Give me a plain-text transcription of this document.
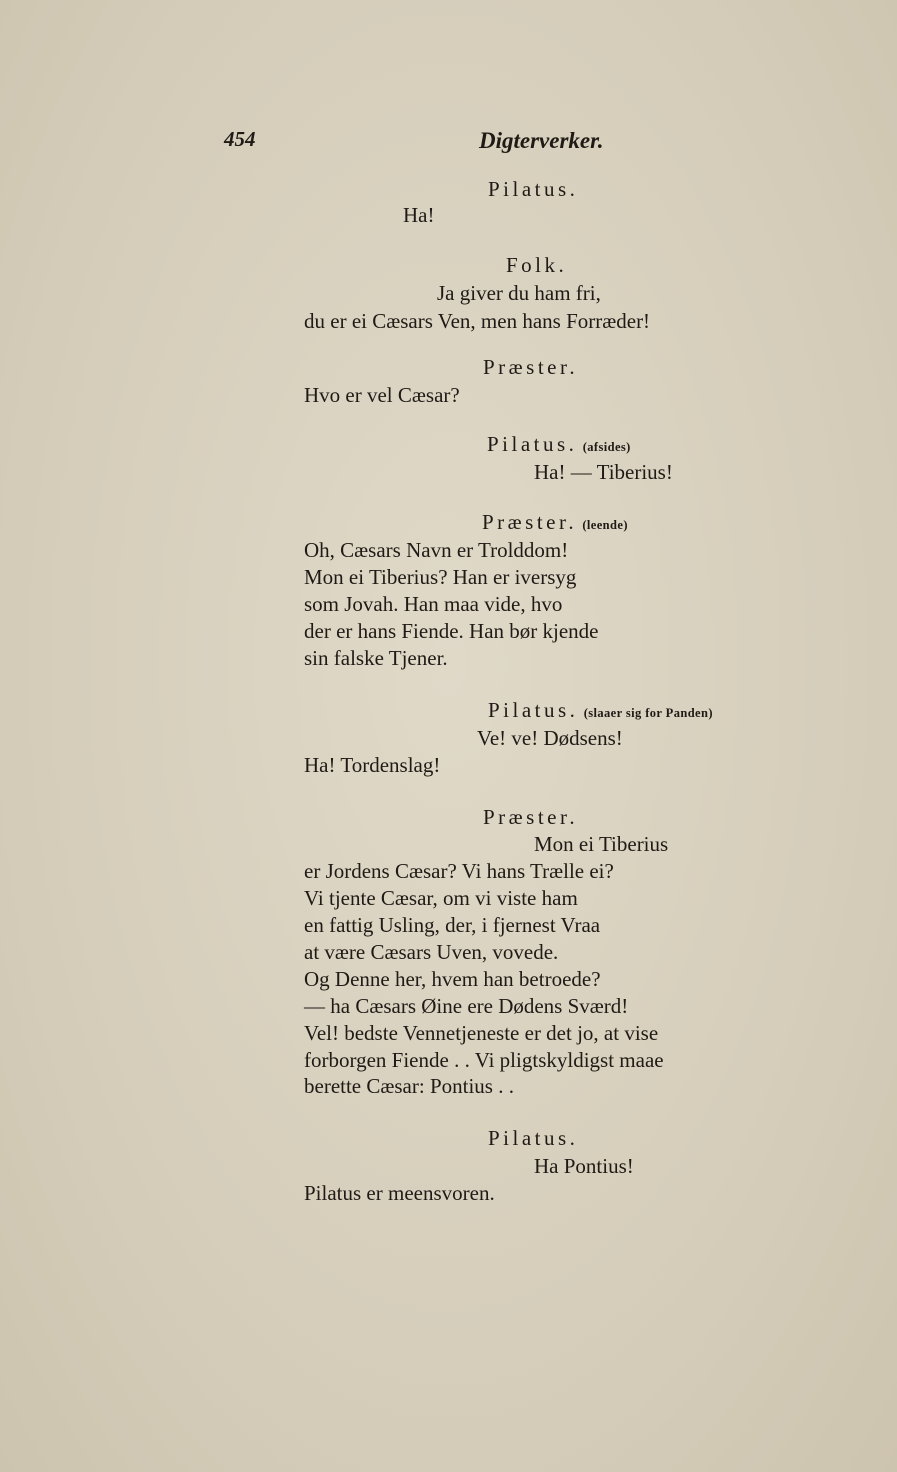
454	Digterverker.
Pilatus.
Ha!
Folk.
Ja giver du ham fri,
du er ei Cæsars Ven, men hans Forræder!
Præster.
Hvo er vel Cæsar?
Pilatus. (afsides)
Ha! — Tiberius!
Præster. (leende)
Oh, Cæsars Navn er Trolddom!
Mon ei Tiberius? Han er iversyg
som Jovah. Han maa vide, hvo
der er hans Fiende. Han bør kjende
sin falske Tjener.
Pilatus. (slaaer sig for Panden)
Ve! ve! Dødsens!
Ha! Tordenslag!
Præster.
Mon ei Tiberius
er Jordens Cæsar? Vi hans Trælle ei?
Vi tjente Cæsar, om vi viste ham
en fattig Usling, der, i fjernest Vraa
at være Cæsars Uven, vovede.
Og Denne her, hvem han betroede?
— ha Cæsars Øine ere Dødens Sværd!
Vel! bedste Vennetjeneste er det jo, at vise
forborgen Fiende . . Vi pligtskyldigst maae
berette Cæsar: Pontius . .
Pilatus.
Ha Pontius!
Pilatus er meensvoren.
